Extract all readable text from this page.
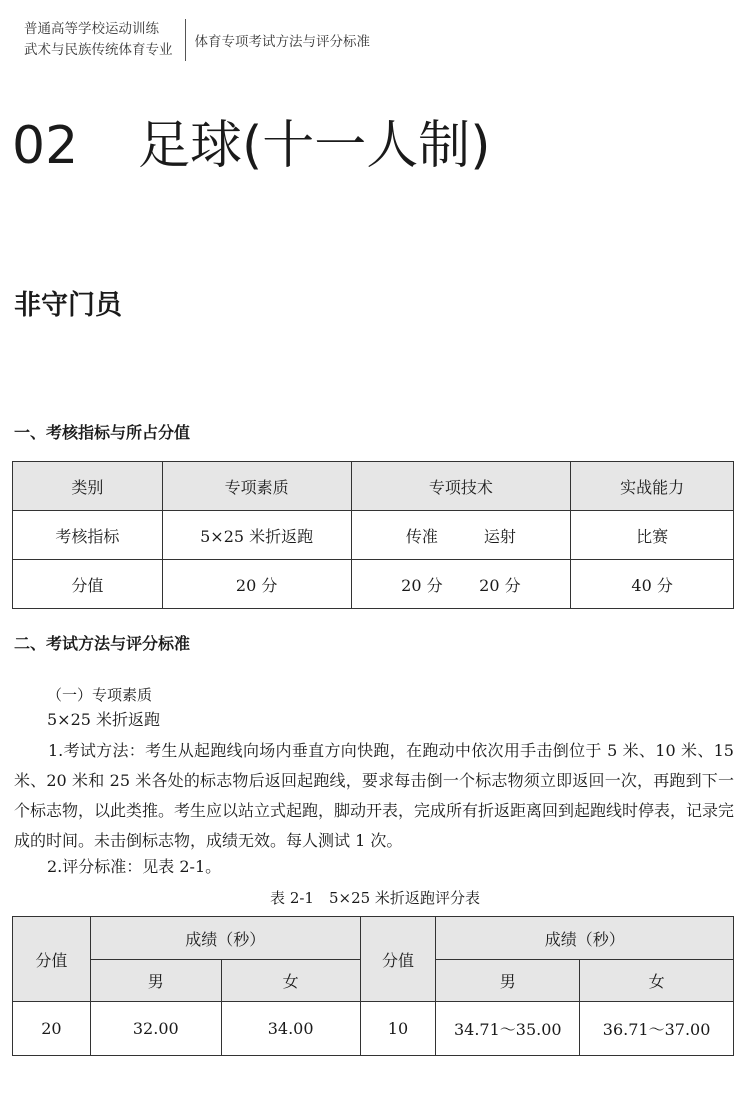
普通高等学校运动训练
武术与民族传统体育专业 体育专项考试方法与评分标准
02 足球(十一人制)
非守门员
一、考核指标与所占分值
类别	专项素质	专项技术	实战能力
考核指标	5×25 米折返跑	传准 运射	比赛
分值	20 分	20 分 20 分	40 分
二、考试方法与评分标准
（一）专项素质
5×25 米折返跑

1.考试方法：考生从起跑线向场内垂直方向快跑，在跑动中依次用手击倒位于 5 米、10 米、15 米、20 米和 25 米各处的标志物后返回起跑线，要求每击倒一个标志物须立即返回一次，再跑到下一个标志物，以此类推。考生应以站立式起跑，脚动开表，完成所有折返距离回到起跑线时停表，记录完成的时间。未击倒标志物，成绩无效。每人测试 1 次。

2.评分标准：见表 2-1。
表 2-1　5×25 米折返跑评分表
分值	成绩（秒）		分值	成绩（秒）	
	男	女		男	女
20	32.00	34.00	10	34.71～35.00	36.71～37.00
